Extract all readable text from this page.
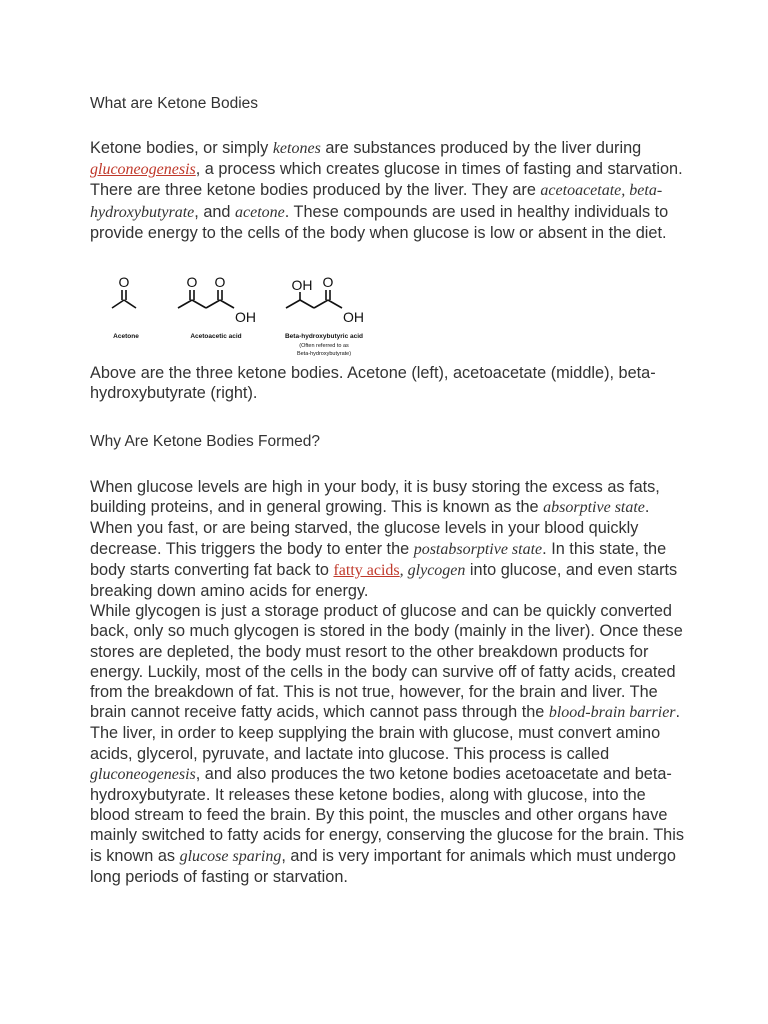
What are Ketone Bodies
Ketone bodies, or simply ketones are substances produced by the liver during gluconeogenesis, a process which creates glucose in times of fasting and starvation. There are three ketone bodies produced by the liver. They are acetoacetate, beta-hydroxybutyrate, and acetone. These compounds are used in healthy individuals to provide energy to the cells of the body when glucose is low or absent in the diet.
O	O O
OH
OH O
OH
Acetone	Acetoacetic acid	Beta-hydroxybutyric acid
(Often referred to as
Beta-hydroxybutyrate)
Above are the three ketone bodies. Acetone (left), acetoacetate (middle), beta-hydroxybutyrate (right).
Why Are Ketone Bodies Formed?
When glucose levels are high in your body, it is busy storing the excess as fats, building proteins, and in general growing. This is known as the absorptive state. When you fast, or are being starved, the glucose levels in your blood quickly decrease. This triggers the body to enter the postabsorptive state. In this state, the body starts converting fat back to fatty acids, glycogen into glucose, and even starts breaking down amino acids for energy.
While glycogen is just a storage product of glucose and can be quickly converted back, only so much glycogen is stored in the body (mainly in the liver). Once these stores are depleted, the body must resort to the other breakdown products for energy. Luckily, most of the cells in the body can survive off of fatty acids, created from the breakdown of fat. This is not true, however, for the brain and liver. The brain cannot receive fatty acids, which cannot pass through the blood-brain barrier. The liver, in order to keep supplying the brain with glucose, must convert amino acids, glycerol, pyruvate, and lactate into glucose. This process is called gluconeogenesis, and also produces the two ketone bodies acetoacetate and beta-hydroxybutyrate. It releases these ketone bodies, along with glucose, into the blood stream to feed the brain. By this point, the muscles and other organs have mainly switched to fatty acids for energy, conserving the glucose for the brain. This is known as glucose sparing, and is very important for animals which must undergo long periods of fasting or starvation.
